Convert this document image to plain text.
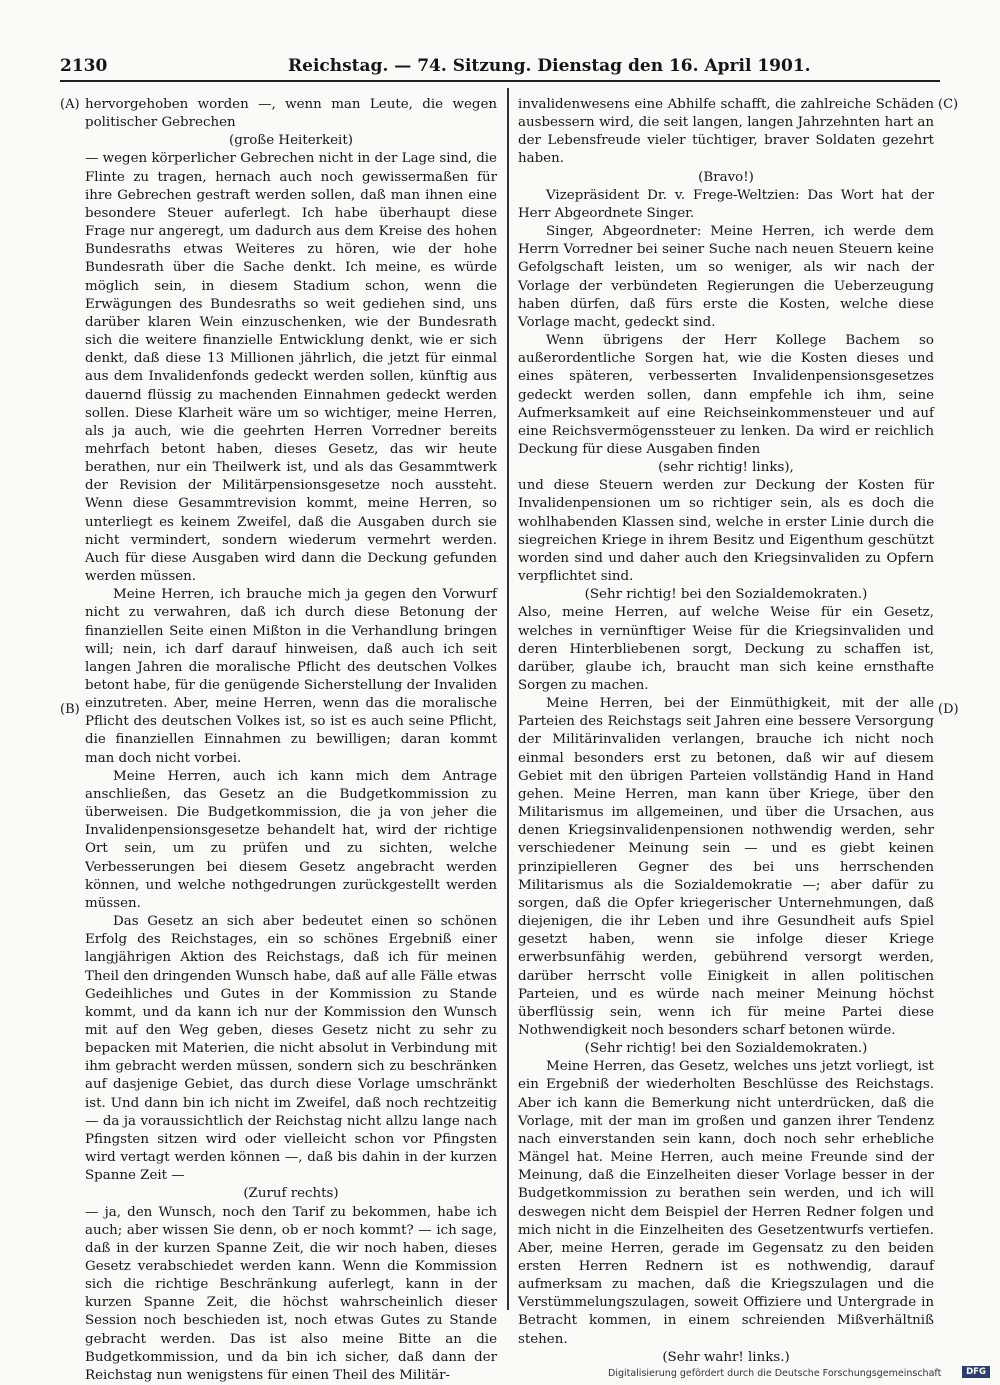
2130	Reichstag. — 74. Sitzung. Dienstag den 16. April 1901.
(A)
(B)
(C)
(D)

hervorgehoben worden —, wenn man Leute, die wegen politischer Gebrechen

(große Heiterkeit)

— wegen körperlicher Gebrechen nicht in der Lage sind, die Flinte zu tragen, hernach auch noch gewissermaßen für ihre Gebrechen gestraft werden sollen, daß man ihnen eine besondere Steuer auferlegt. Ich habe überhaupt diese Frage nur angeregt, um dadurch aus dem Kreise des hohen Bundesraths etwas Weiteres zu hören, wie der hohe Bundesrath über die Sache denkt. Ich meine, es würde möglich sein, in diesem Stadium schon, wenn die Erwägungen des Bundesraths so weit gediehen sind, uns darüber klaren Wein einzuschenken, wie der Bundesrath sich die weitere finanzielle Entwicklung denkt, wie er sich denkt, daß diese 13 Millionen jährlich, die jetzt für einmal aus dem Invalidenfonds gedeckt werden sollen, künftig aus dauernd flüssig zu machenden Einnahmen gedeckt werden sollen. Diese Klarheit wäre um so wichtiger, meine Herren, als ja auch, wie die geehrten Herren Vorredner bereits mehrfach betont haben, dieses Gesetz, das wir heute berathen, nur ein Theilwerk ist, und als das Gesammtwerk der Revision der Militärpensionsgesetze noch aussteht. Wenn diese Gesammtrevision kommt, meine Herren, so unterliegt es keinem Zweifel, daß die Ausgaben durch sie nicht vermindert, sondern wiederum vermehrt werden. Auch für diese Ausgaben wird dann die Deckung gefunden werden müssen.

Meine Herren, ich brauche mich ja gegen den Vorwurf nicht zu verwahren, daß ich durch diese Betonung der finanziellen Seite einen Mißton in die Verhandlung bringen will; nein, ich darf darauf hinweisen, daß auch ich seit langen Jahren die moralische Pflicht des deutschen Volkes betont habe, für die genügende Sicherstellung der Invaliden einzutreten. Aber, meine Herren, wenn das die moralische Pflicht des deutschen Volkes ist, so ist es auch seine Pflicht, die finanziellen Einnahmen zu bewilligen; daran kommt man doch nicht vorbei.

Meine Herren, auch ich kann mich dem Antrage anschließen, das Gesetz an die Budgetkommission zu überweisen. Die Budgetkommission, die ja von jeher die Invalidenpensionsgesetze behandelt hat, wird der richtige Ort sein, um zu prüfen und zu sichten, welche Verbesserungen bei diesem Gesetz angebracht werden können, und welche nothgedrungen zurückgestellt werden müssen.

Das Gesetz an sich aber bedeutet einen so schönen Erfolg des Reichstages, ein so schönes Ergebniß einer langjährigen Aktion des Reichstags, daß ich für meinen Theil den dringenden Wunsch habe, daß auf alle Fälle etwas Gedeihliches und Gutes in der Kommission zu Stande kommt, und da kann ich nur der Kommission den Wunsch mit auf den Weg geben, dieses Gesetz nicht zu sehr zu bepacken mit Materien, die nicht absolut in Verbindung mit ihm gebracht werden müssen, sondern sich zu beschränken auf dasjenige Gebiet, das durch diese Vorlage umschränkt ist. Und dann bin ich nicht im Zweifel, daß noch rechtzeitig — da ja voraussichtlich der Reichstag nicht allzu lange nach Pfingsten sitzen wird oder vielleicht schon vor Pfingsten wird vertagt werden können —, daß bis dahin in der kurzen Spanne Zeit —

(Zuruf rechts)

— ja, den Wunsch, noch den Tarif zu bekommen, habe ich auch; aber wissen Sie denn, ob er noch kommt? — ich sage, daß in der kurzen Spanne Zeit, die wir noch haben, dieses Gesetz verabschiedet werden kann. Wenn die Kommission sich die richtige Beschränkung auferlegt, kann in der kurzen Spanne Zeit, die höchst wahrscheinlich dieser Session noch beschieden ist, noch etwas Gutes zu Stande gebracht werden. Das ist also meine Bitte an die Budgetkommission, und da bin ich sicher, daß dann der Reichstag nun wenigstens für einen Theil des Militär-

invalidenwesens eine Abhilfe schafft, die zahlreiche Schäden ausbessern wird, die seit langen, langen Jahrzehnten hart an der Lebensfreude vieler tüchtiger, braver Soldaten gezehrt haben.

(Bravo!)

Vizepräsident Dr. v. Frege-Weltzien: Das Wort hat der Herr Abgeordnete Singer.

Singer, Abgeordneter: Meine Herren, ich werde dem Herrn Vorredner bei seiner Suche nach neuen Steuern keine Gefolgschaft leisten, um so weniger, als wir nach der Vorlage der verbündeten Regierungen die Ueberzeugung haben dürfen, daß fürs erste die Kosten, welche diese Vorlage macht, gedeckt sind.

Wenn übrigens der Herr Kollege Bachem so außerordentliche Sorgen hat, wie die Kosten dieses und eines späteren, verbesserten Invalidenpensionsgesetzes gedeckt werden sollen, dann empfehle ich ihm, seine Aufmerksamkeit auf eine Reichseinkommensteuer und auf eine Reichsvermögenssteuer zu lenken. Da wird er reichlich Deckung für diese Ausgaben finden

(sehr richtig! links),

und diese Steuern werden zur Deckung der Kosten für Invalidenpensionen um so richtiger sein, als es doch die wohlhabenden Klassen sind, welche in erster Linie durch die siegreichen Kriege in ihrem Besitz und Eigenthum geschützt worden sind und daher auch den Kriegsinvaliden zu Opfern verpflichtet sind.

(Sehr richtig! bei den Sozialdemokraten.)

Also, meine Herren, auf welche Weise für ein Gesetz, welches in vernünftiger Weise für die Kriegsinvaliden und deren Hinterbliebenen sorgt, Deckung zu schaffen ist, darüber, glaube ich, braucht man sich keine ernsthafte Sorgen zu machen.

Meine Herren, bei der Einmüthigkeit, mit der alle Parteien des Reichstags seit Jahren eine bessere Versorgung der Militärinvaliden verlangen, brauche ich nicht noch einmal besonders erst zu betonen, daß wir auf diesem Gebiet mit den übrigen Parteien vollständig Hand in Hand gehen. Meine Herren, man kann über Kriege, über den Militarismus im allgemeinen, und über die Ursachen, aus denen Kriegsinvalidenpensionen nothwendig werden, sehr verschiedener Meinung sein — und es giebt keinen prinzipielleren Gegner des bei uns herrschenden Militarismus als die Sozialdemokratie —; aber dafür zu sorgen, daß die Opfer kriegerischer Unternehmungen, daß diejenigen, die ihr Leben und ihre Gesundheit aufs Spiel gesetzt haben, wenn sie infolge dieser Kriege erwerbsunfähig werden, gebührend versorgt werden, darüber herrscht volle Einigkeit in allen politischen Parteien, und es würde nach meiner Meinung höchst überflüssig sein, wenn ich für meine Partei diese Nothwendigkeit noch besonders scharf betonen würde.

(Sehr richtig! bei den Sozialdemokraten.)

Meine Herren, das Gesetz, welches uns jetzt vorliegt, ist ein Ergebniß der wiederholten Beschlüsse des Reichstags. Aber ich kann die Bemerkung nicht unterdrücken, daß die Vorlage, mit der man im großen und ganzen ihrer Tendenz nach einverstanden sein kann, doch noch sehr erhebliche Mängel hat. Meine Herren, auch meine Freunde sind der Meinung, daß die Einzelheiten dieser Vorlage besser in der Budgetkommission zu berathen sein werden, und ich will deswegen nicht dem Beispiel der Herren Redner folgen und mich nicht in die Einzelheiten des Gesetzentwurfs vertiefen. Aber, meine Herren, gerade im Gegensatz zu den beiden ersten Herren Rednern ist es nothwendig, darauf aufmerksam zu machen, daß die Kriegszulagen und die Verstümmelungszulagen, soweit Offiziere und Untergrade in Betracht kommen, in einem schreienden Mißverhältniß stehen.

(Sehr wahr! links.)

Digitalisierung gefördert durch die Deutsche Forschungsgemeinschaft	DFG
